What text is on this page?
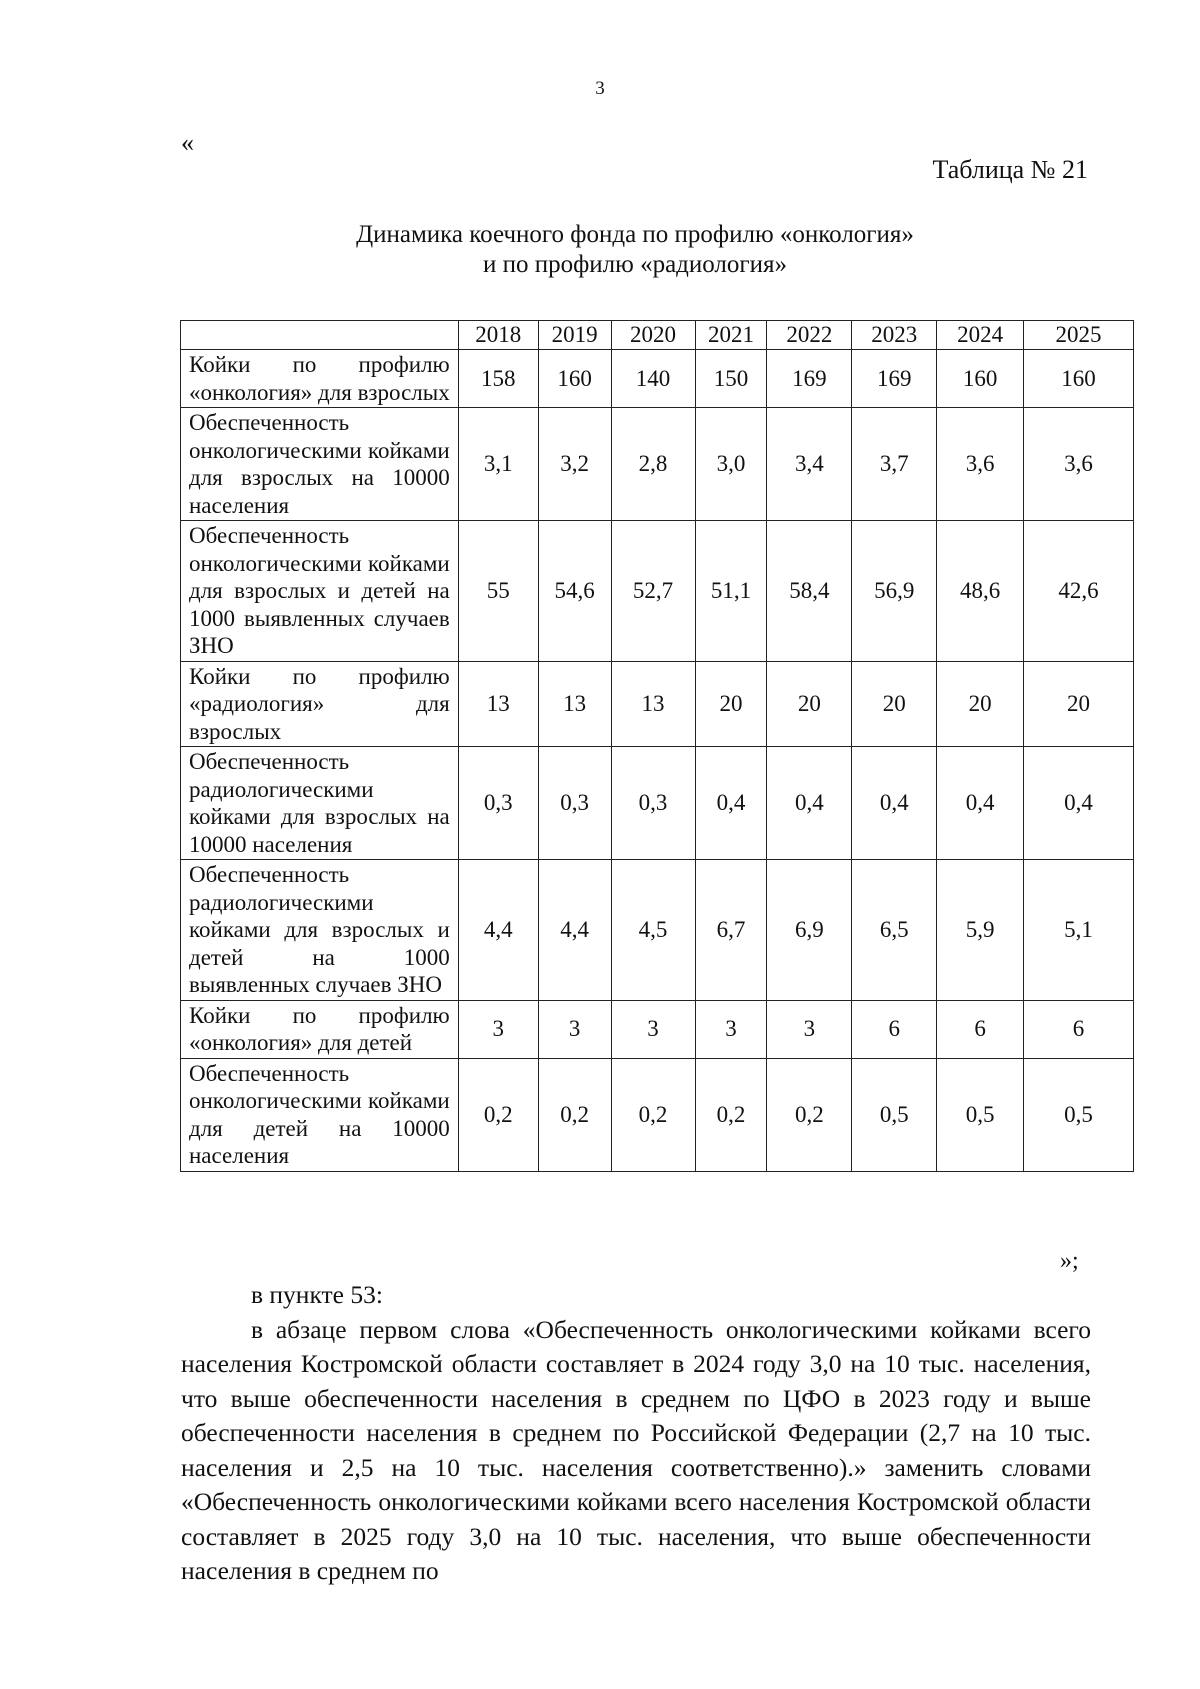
3
«
Таблица № 21
Динамика коечного фонда по профилю «онкология»
и по профилю «радиология»
	2018	2019	2020	2021	2022	2023	2024	2025
Койки по профилю «онкология» для взрослых	158	160	140	150	169	169	160	160
Обеспеченность онкологическими койками для взрослых на 10000 населения	3,1	3,2	2,8	3,0	3,4	3,7	3,6	3,6
Обеспеченность онкологическими койками для взрослых и детей на 1000 выявленных случаев ЗНО	55	54,6	52,7	51,1	58,4	56,9	48,6	42,6
Койки по профилю «радиология» для взрослых	13	13	13	20	20	20	20	20
Обеспеченность радиологическими койками для взрослых на 10000 населения	0,3	0,3	0,3	0,4	0,4	0,4	0,4	0,4
Обеспеченность радиологическими койками для взрослых и детей на 1000 выявленных случаев ЗНО	4,4	4,4	4,5	6,7	6,9	6,5	5,9	5,1
Койки по профилю «онкология» для детей	3	3	3	3	3	6	6	6
Обеспеченность онкологическими койками для детей на 10000 населения	0,2	0,2	0,2	0,2	0,2	0,5	0,5	0,5
»;

в пункте 53:

в абзаце первом слова «Обеспеченность онкологическими койками всего населения Костромской области составляет в 2024 году 3,0 на 10 тыс. населения, что выше обеспеченности населения в среднем по ЦФО в 2023 году и выше обеспеченности населения в среднем по Российской Федерации (2,7 на 10 тыс. населения и 2,5 на 10 тыс. населения соответственно).» заменить словами «Обеспеченность онкологическими койками всего населения Костромской области составляет в 2025 году 3,0 на 10 тыс. населения, что выше обеспеченности населения в среднем по
